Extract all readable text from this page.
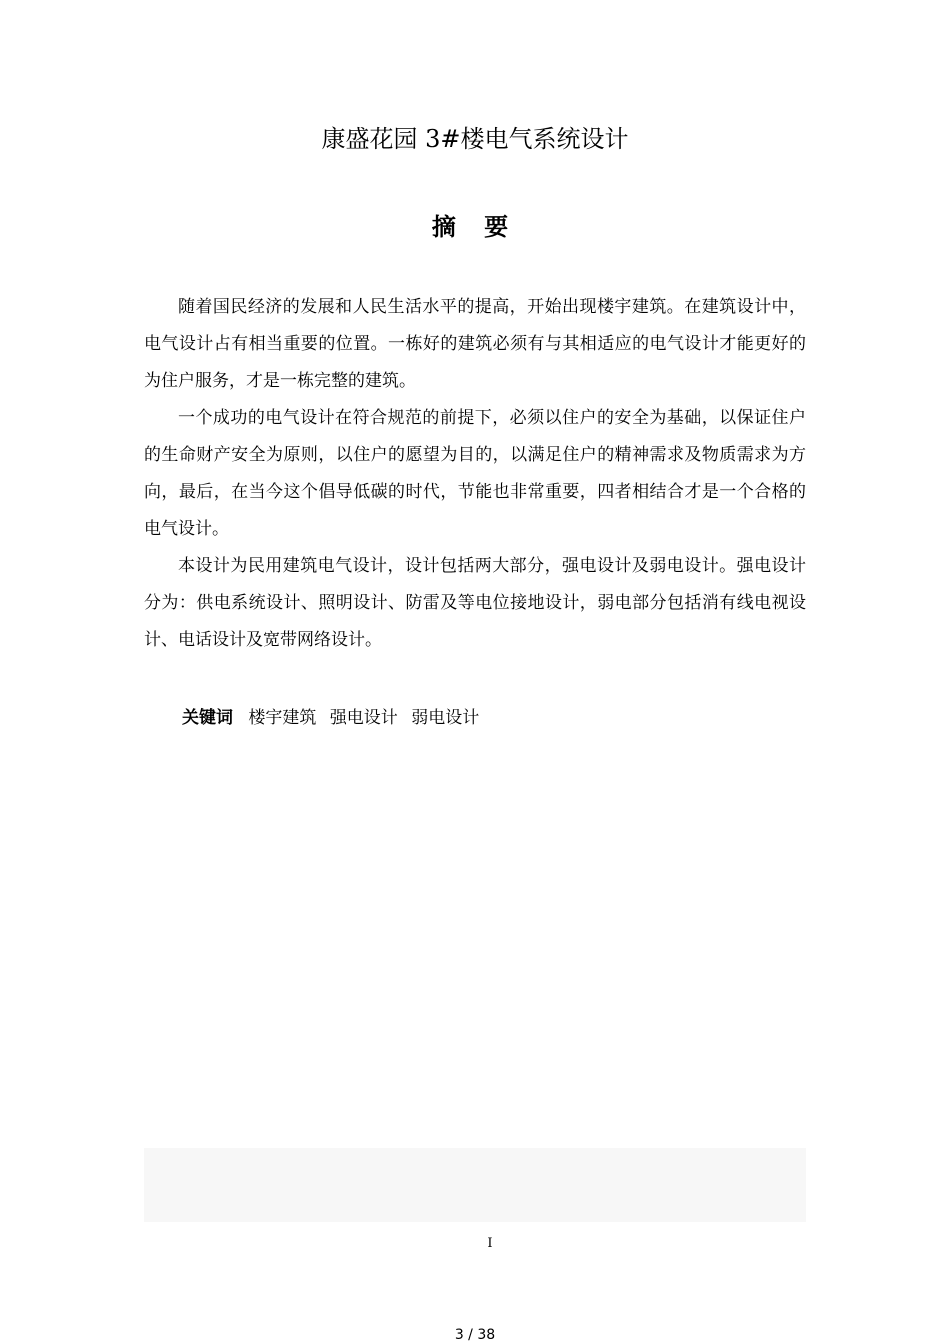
康盛花园 3#楼电气系统设计
摘 要

随着国民经济的发展和人民生活水平的提高，开始出现楼宇建筑。在建筑设计中，电气设计占有相当重要的位置。一栋好的建筑必须有与其相适应的电气设计才能更好的为住户服务，才是一栋完整的建筑。

一个成功的电气设计在符合规范的前提下，必须以住户的安全为基础，以保证住户的生命财产安全为原则，以住户的愿望为目的，以满足住户的精神需求及物质需求为方向，最后，在当今这个倡导低碳的时代，节能也非常重要，四者相结合才是一个合格的电气设计。

本设计为民用建筑电气设计，设计包括两大部分，强电设计及弱电设计。强电设计分为：供电系统设计、照明设计、防雷及等电位接地设计，弱电部分包括消有线电视设计、电话设计及宽带网络设计。

关键词 楼宇建筑 强电设计 弱电设计
I
3 / 38
